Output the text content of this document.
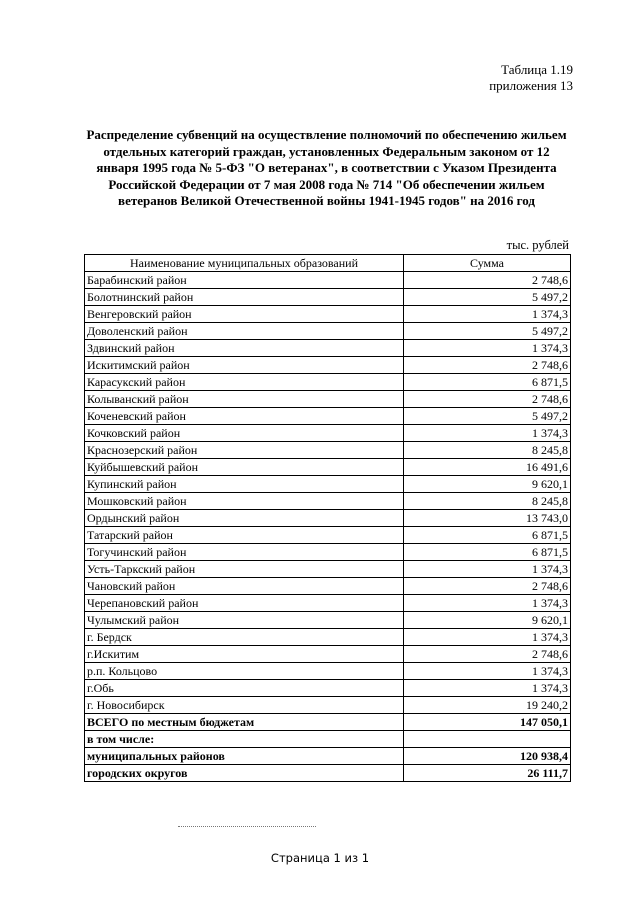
Таблица 1.19
приложения 13
Распределение субвенций на осуществление полномочий по обеспечению жильем отдельных категорий граждан, установленных Федеральным законом от 12 января 1995 года № 5-ФЗ "О ветеранах", в соответствии с Указом Президента Российской Федерации от 7 мая 2008 года № 714 "Об обеспечении жильем ветеранов Великой Отечественной войны 1941-1945 годов" на 2016 год
тыс. рублей
Наименование муниципальных образований	Сумма
Барабинский район	2 748,6
Болотнинский район	5 497,2
Венгеровский район	1 374,3
Доволенский район	5 497,2
Здвинский район	1 374,3
Искитимский район	2 748,6
Карасукский район	6 871,5
Колыванский район	2 748,6
Коченевский район	5 497,2
Кочковский район	1 374,3
Краснозерский район	8 245,8
Куйбышевский район	16 491,6
Купинский район	9 620,1
Мошковский район	8 245,8
Ордынский район	13 743,0
Татарский район	6 871,5
Тогучинский район	6 871,5
Усть-Таркский район	1 374,3
Чановский район	2 748,6
Черепановский район	1 374,3
Чулымский район	9 620,1
г. Бердск	1 374,3
г.Искитим	2 748,6
р.п. Кольцово	1 374,3
г.Обь	1 374,3
г. Новосибирск	19 240,2
ВСЕГО по местным бюджетам	147 050,1
в том числе:	
муниципальных районов	120 938,4
городских округов	26 111,7
Страница 1 из 1
